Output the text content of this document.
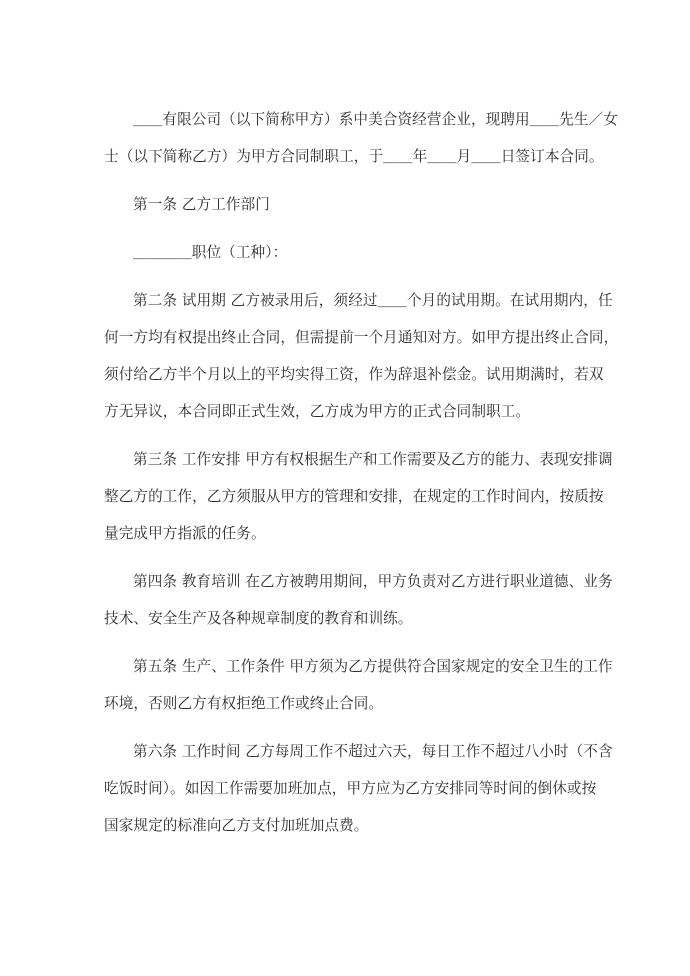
＿＿有限公司（以下简称甲方）系中美合资经营企业，现聘用＿＿先生／女
士（以下简称乙方）为甲方合同制职工，于＿＿年＿＿月＿＿日签订本合同。

第一条 乙方工作部门

＿＿＿＿职位（工种）：

第二条 试用期 乙方被录用后，须经过＿＿个月的试用期。在试用期内，任
何一方均有权提出终止合同，但需提前一个月通知对方。如甲方提出终止合同，
须付给乙方半个月以上的平均实得工资，作为辞退补偿金。试用期满时，若双
方无异议，本合同即正式生效，乙方成为甲方的正式合同制职工。

第三条 工作安排 甲方有权根据生产和工作需要及乙方的能力、表现安排调
整乙方的工作，乙方须服从甲方的管理和安排，在规定的工作时间内，按质按
量完成甲方指派的任务。

第四条 教育培训 在乙方被聘用期间，甲方负责对乙方进行职业道德、业务
技术、安全生产及各种规章制度的教育和训练。

第五条 生产、工作条件 甲方须为乙方提供符合国家规定的安全卫生的工作
环境，否则乙方有权拒绝工作或终止合同。

第六条 工作时间 乙方每周工作不超过六天，每日工作不超过八小时（不含
吃饭时间）。如因工作需要加班加点，甲方应为乙方安排同等时间的倒休或按
国家规定的标准向乙方支付加班加点费。
